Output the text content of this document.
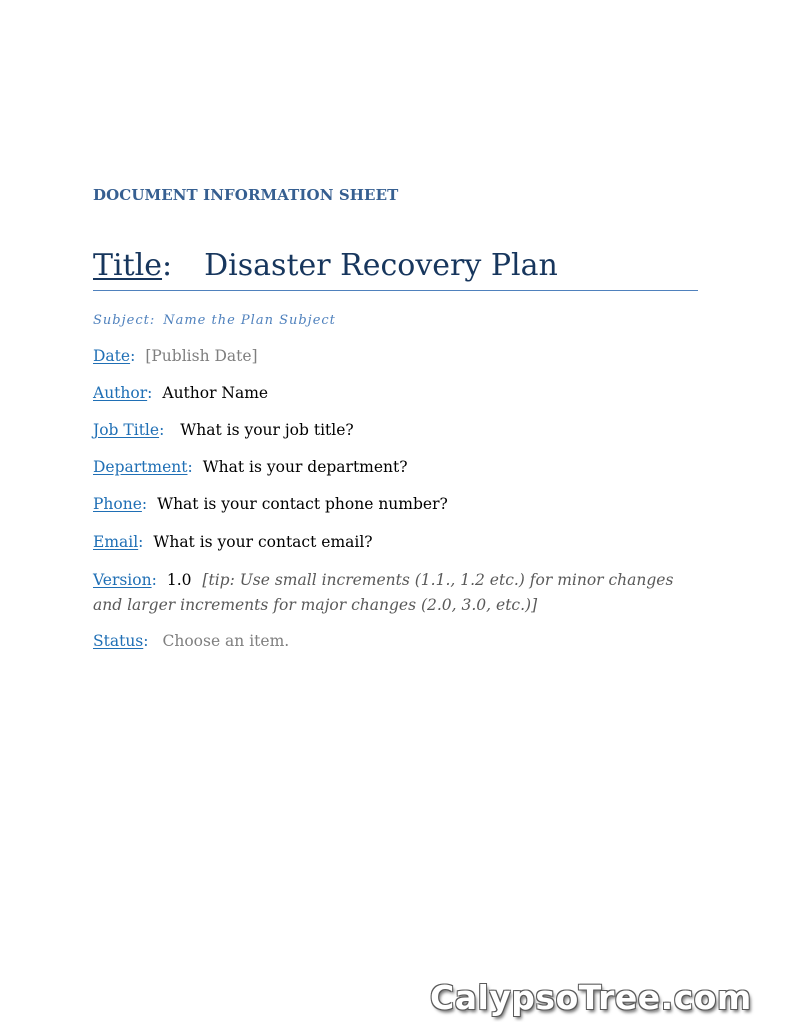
DOCUMENT INFORMATION SHEET
Title: Disaster Recovery Plan
Subject: Name the Plan Subject
Date: [Publish Date]
Author: Author Name
Job Title: What is your job title?
Department: What is your department?
Phone: What is your contact phone number?
Email: What is your contact email?
Version: 1.0 [tip: Use small increments (1.1., 1.2 etc.) for minor changes and larger increments for major changes (2.0, 3.0, etc.)]
Status: Choose an item.
CalypsoTree.com
